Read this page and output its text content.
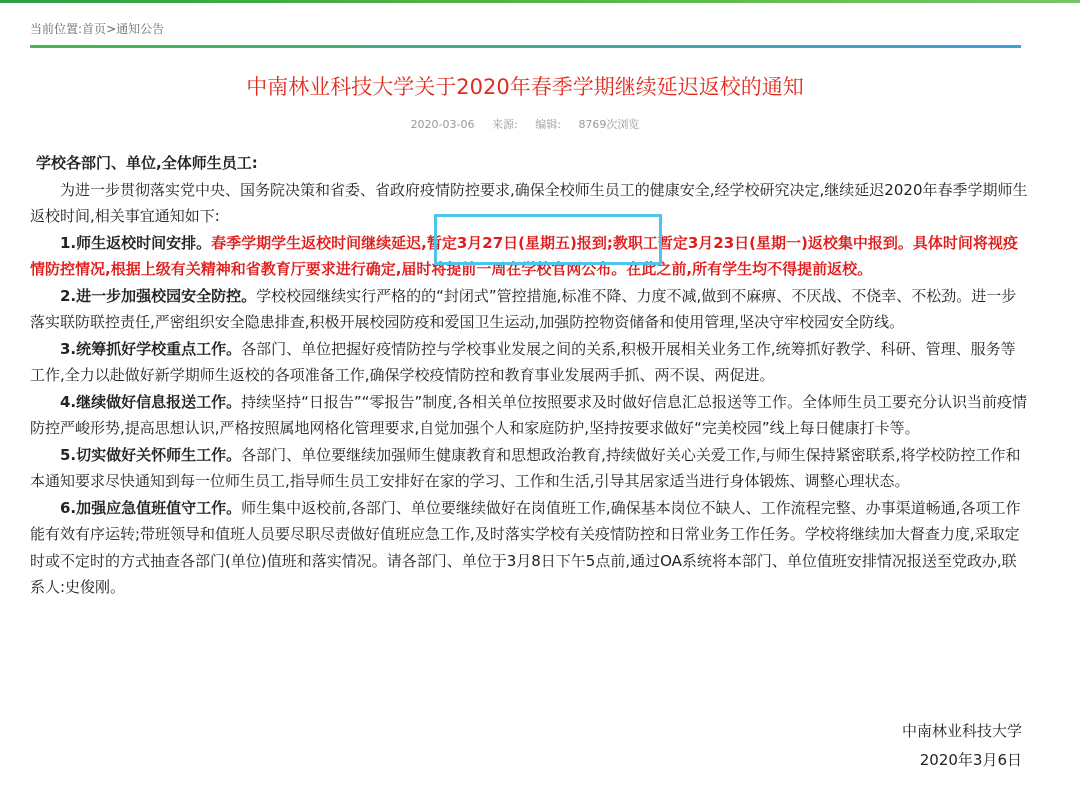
当前位置:首页>通知公告
中南林业科技大学关于2020年春季学期继续延迟返校的通知
2020-03-06 来源: 编辑: 8769次浏览

学校各部门、单位,全体师生员工:

为进一步贯彻落实党中央、国务院决策和省委、省政府疫情防控要求,确保全校师生员工的健康安全,经学校研究决定,继续延迟2020年春季学期师生返校时间,相关事宜通知如下:

1.师生返校时间安排。春季学期学生返校时间继续延迟,暂定3月27日(星期五)报到;教职工暂定3月23日(星期一)返校集中报到。具体时间将视疫情防控情况,根据上级有关精神和省教育厅要求进行确定,届时将提前一周在学校官网公布。在此之前,所有学生均不得提前返校。

2.进一步加强校园安全防控。学校校园继续实行严格的的“封闭式”管控措施,标准不降、力度不减,做到不麻痹、不厌战、不侥幸、不松劲。进一步落实联防联控责任,严密组织安全隐患排查,积极开展校园防疫和爱国卫生运动,加强防控物资储备和使用管理,坚决守牢校园安全防线。

3.统筹抓好学校重点工作。各部门、单位把握好疫情防控与学校事业发展之间的关系,积极开展相关业务工作,统筹抓好教学、科研、管理、服务等工作,全力以赴做好新学期师生返校的各项准备工作,确保学校疫情防控和教育事业发展两手抓、两不误、两促进。

4.继续做好信息报送工作。持续坚持“日报告”“零报告”制度,各相关单位按照要求及时做好信息汇总报送等工作。全体师生员工要充分认识当前疫情防控严峻形势,提高思想认识,严格按照属地网格化管理要求,自觉加强个人和家庭防护,坚持按要求做好“完美校园”线上每日健康打卡等。

5.切实做好关怀师生工作。各部门、单位要继续加强师生健康教育和思想政治教育,持续做好关心关爱工作,与师生保持紧密联系,将学校防控工作和本通知要求尽快通知到每一位师生员工,指导师生员工安排好在家的学习、工作和生活,引导其居家适当进行身体锻炼、调整心理状态。

6.加强应急值班值守工作。师生集中返校前,各部门、单位要继续做好在岗值班工作,确保基本岗位不缺人、工作流程完整、办事渠道畅通,各项工作能有效有序运转;带班领导和值班人员要尽职尽责做好值班应急工作,及时落实学校有关疫情防控和日常业务工作任务。学校将继续加大督查力度,采取定时或不定时的方式抽查各部门(单位)值班和落实情况。请各部门、单位于3月8日下午5点前,通过OA系统将本部门、单位值班安排情况报送至党政办,联系人:史俊刚。

中南林业科技大学
2020年3月6日
